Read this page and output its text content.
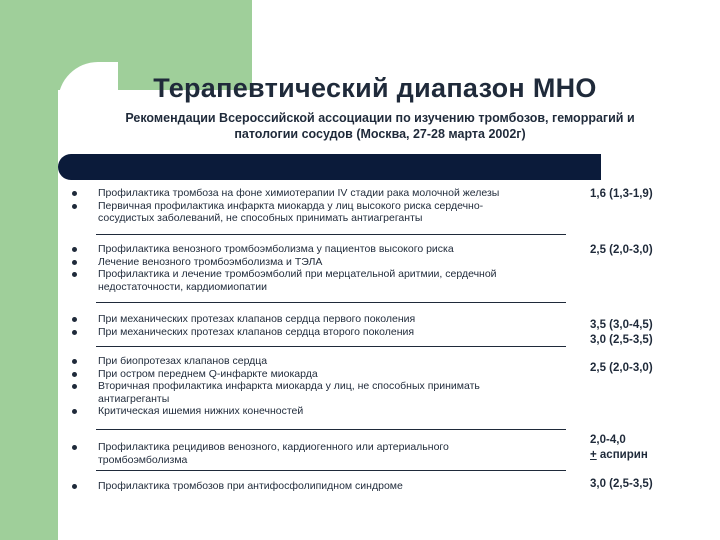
Терапевтический диапазон МНО
Рекомендации Всероссийской ассоциации по изучению тромбозов, геморрагий и
патологии сосудов (Москва, 27-28 марта 2002г)
Профилактика тромбоза на фоне химиотерапии IV стадии рака молочной железы
Первичная профилактика инфаркта миокарда у лиц высокого риска сердечно-
сосудистых заболеваний, не способных принимать антиагреганты
1,6 (1,3-1,9)
Профилактика венозного тромбоэмболизма у пациентов высокого риска
Лечение венозного тромбоэмболизма и ТЭЛА
Профилактика и лечение тромбоэмболий при мерцательной аритмии, сердечной
недостаточности, кардиомиопатии
2,5 (2,0-3,0)
При механических протезах клапанов сердца первого поколения
При механических протезах клапанов сердца второго поколения
3,5 (3,0-4,5)
3,0 (2,5-3,5)
При биопротезах клапанов сердца
При остром переднем Q-инфаркте миокарда
Вторичная профилактика инфаркта миокарда у лиц, не способных принимать
антиагреганты
Критическая ишемия нижних конечностей
2,5 (2,0-3,0)
Профилактика рецидивов венозного, кардиогенного или артериального
тромбоэмболизма
2,0-4,0
+ аспирин
Профилактика тромбозов при антифосфолипидном синдроме	3,0 (2,5-3,5)
